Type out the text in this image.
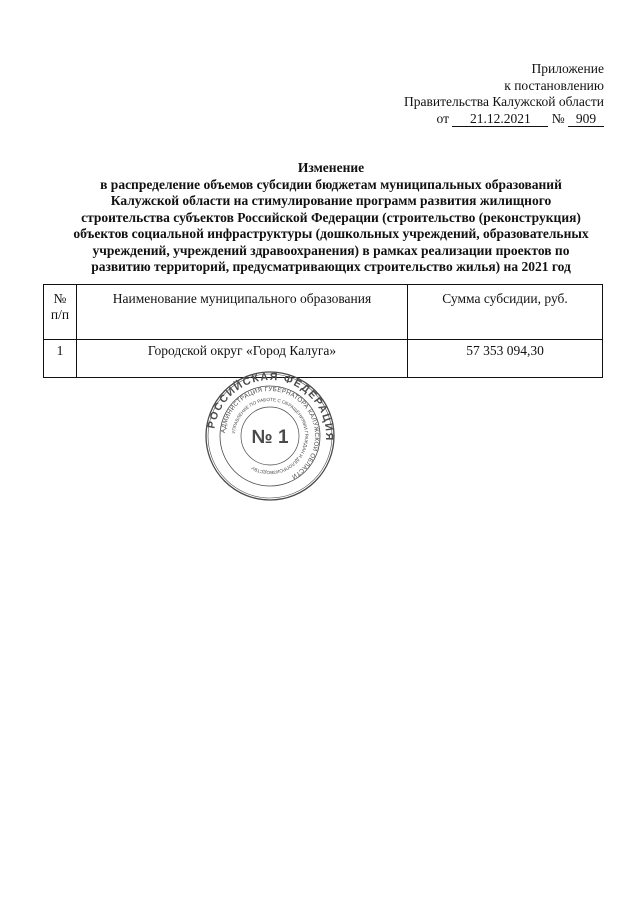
Приложение
к постановлению
Правительства Калужской области
от 21.12.2021 № 909
Изменение
в распределение объемов субсидии бюджетам муниципальных образований
Калужской области на стимулирование программ развития жилищного
строительства субъектов Российской Федерации (строительство (реконструкция)
объектов социальной инфраструктуры (дошкольных учреждений, образовательных
учреждений, учреждений здравоохранения) в рамках реализации проектов по
развитию территорий, предусматривающих строительство жилья) на 2021 год
№
п/п	Наименование муниципального образования	Сумма субсидии, руб.
1	Городской округ «Город Калуга»	57 353 094,30
РОССИЙСКАЯ ФЕДЕРАЦИЯ
АДМИНИСТРАЦИЯ ГУБЕРНАТОРА КАЛУЖСКОЙ ОБЛАСТИ
УПРАВЛЕНИЕ ПО РАБОТЕ С ОБРАЩЕНИЯМИ ГРАЖДАН И ДЕЛОПРОИЗВОДСТВУ
№ 1
